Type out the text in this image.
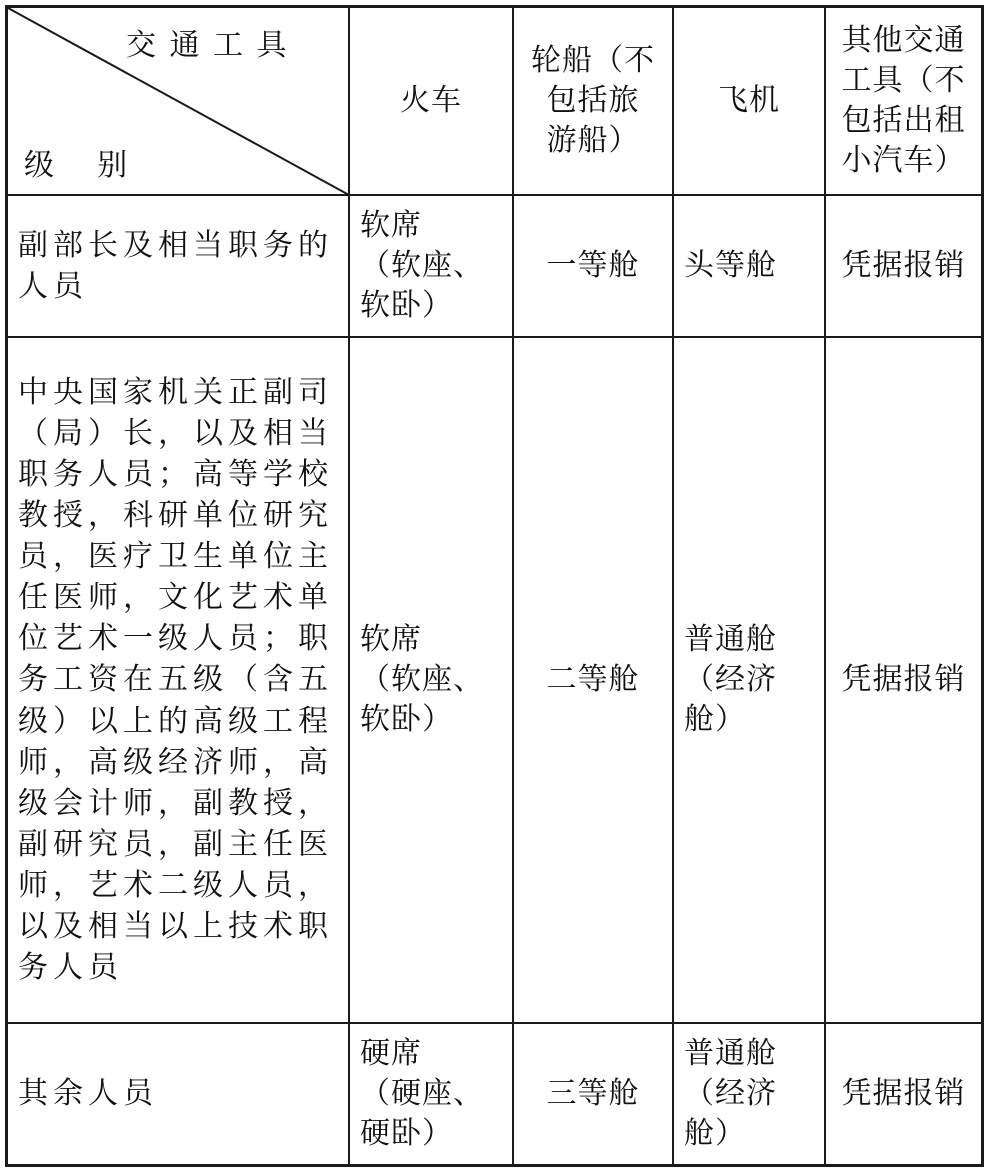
交 通 工 具
级    别
火车
轮船（不
包括旅
游船）
飞机
其他交通
工具（不
包括出租
小汽车）
副部长及相当职务的
人员
软席
（软座、
软卧）
一等舱 头等舱 凭据报销
中央国家机关正副司
（局）长，以及相当
职务人员；高等学校
教授，科研单位研究
员，医疗卫生单位主
任医师，文化艺术单
位艺术一级人员；职
务工资在五级（含五
级）以上的高级工程
师，高级经济师，高
级会计师，副教授，
副研究员，副主任医
师，艺术二级人员，
以及相当以上技术职
务人员
软席
（软座、
软卧）
二等舱
普通舱
（经济
舱）
凭据报销
其余人员
硬席
（硬座、
硬卧）
三等舱
普通舱
（经济
舱）
凭据报销
